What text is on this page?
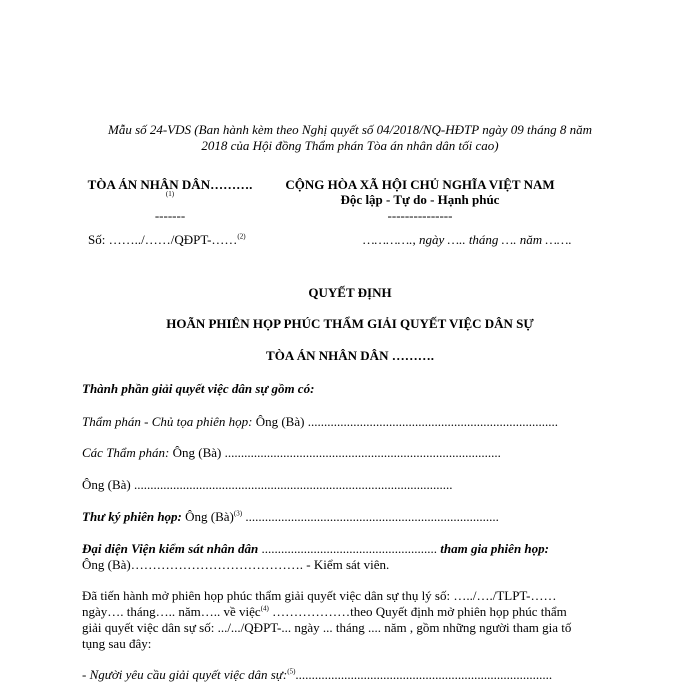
Mẫu số 24-VDS (Ban hành kèm theo Nghị quyết số 04/2018/NQ-HĐTP ngày 09 tháng 8 năm
2018 của Hội đồng Thẩm phán Tòa án nhân dân tối cao)
TÒA ÁN NHÂN DÂN……….
(1)
-------
Số: ……../……/QĐPT-……$^{(2)}$
CỘNG HÒA XÃ HỘI CHỦ NGHĨA VIỆT NAM
Độc lập - Tự do - Hạnh phúc
---------------
…………., ngày ….. tháng …. năm …….
QUYẾT ĐỊNH
HOÃN PHIÊN HỌP PHÚC THẨM GIẢI QUYẾT VIỆC DÂN SỰ
TÒA ÁN NHÂN DÂN ……….
Thành phần giải quyết việc dân sự gồm có:
Thẩm phán - Chủ tọa phiên họp: Ông (Bà) .............................................................................
Các Thẩm phán: Ông (Bà) .....................................................................................
Ông (Bà) ..................................................................................................
Thư ký phiên họp: Ông (Bà)$^{(3)}$ ..............................................................................
Đại diện Viện kiểm sát nhân dân ...................................................... tham gia phiên họp:
Ông (Bà)…………………………………. - Kiểm sát viên.
Đã tiến hành mở phiên họp phúc thẩm giải quyết việc dân sự thụ lý số: …../…./TLPT-……
ngày…. tháng….. năm….. về việc$^{(4)}$ ………………theo Quyết định mở phiên họp phúc thẩm
giải quyết việc dân sự số: .../.../QĐPT-... ngày ... tháng .... năm , gồm những người tham gia tố
tụng sau đây:
- Người yêu cầu giải quyết việc dân sự:$^{(5)}$...............................................................................
